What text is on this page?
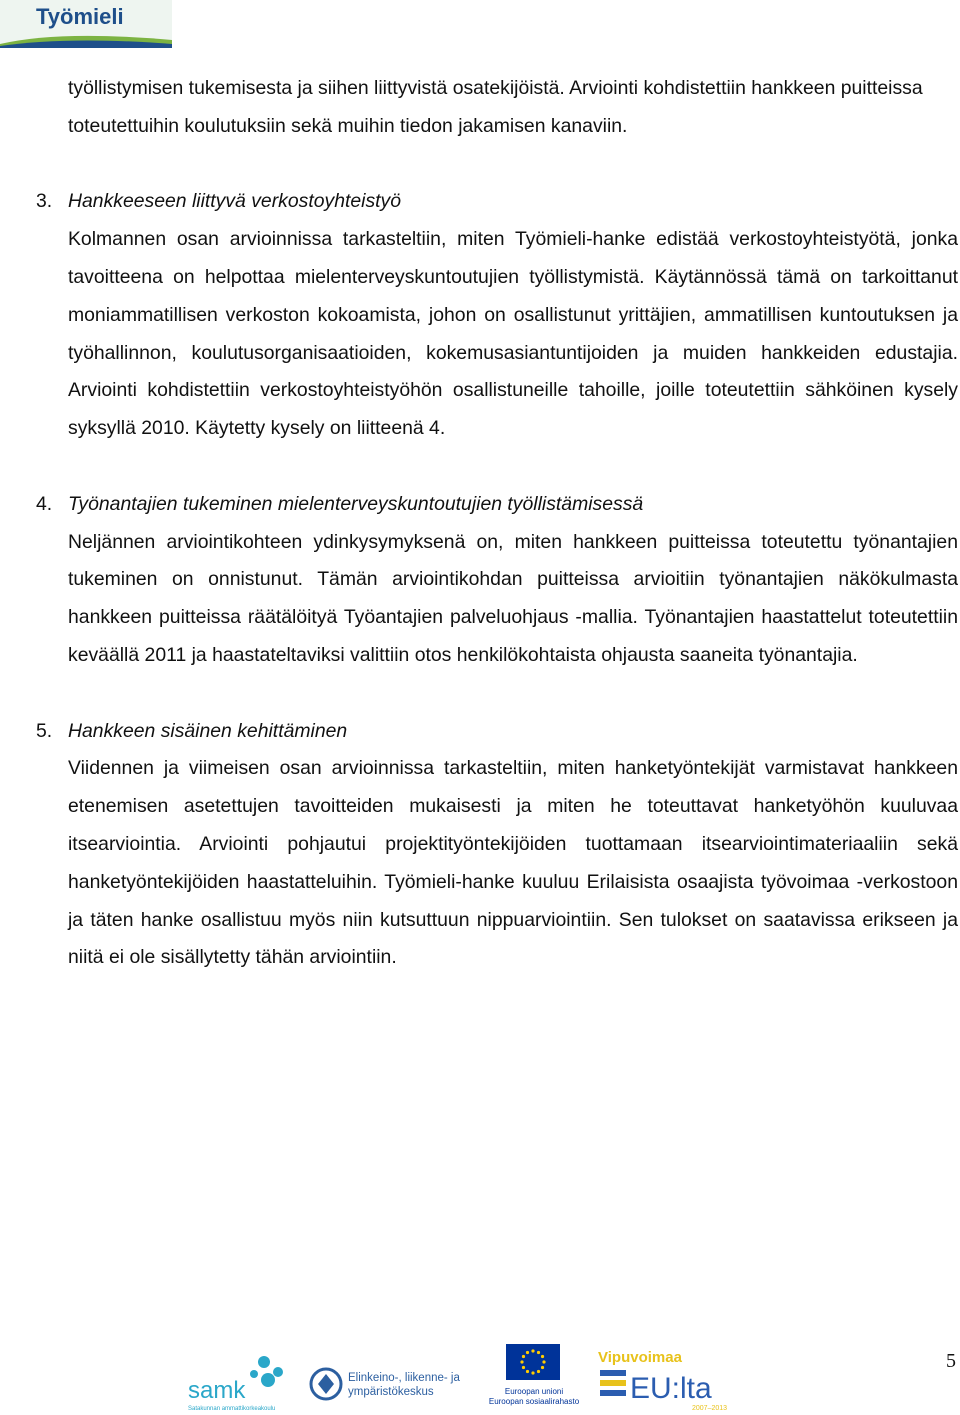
Työmieli

työllistymisen tukemisesta ja siihen liittyvistä osatekijöistä. Arviointi kohdistettiin hankkeen puitteissa toteutettuihin koulutuksiin sekä muihin tiedon jakamisen kanaviin.

3. Hankkeeseen liittyvä verkostoyhteistyö

Kolmannen osan arvioinnissa tarkasteltiin, miten Työmieli-hanke edistää verkostoyhteistyötä, jonka tavoitteena on helpottaa mielenterveyskuntoutujien työllistymistä. Käytännössä tämä on tarkoittanut moniammatillisen verkoston kokoamista, johon on osallistunut yrittäjien, ammatillisen kuntoutuksen ja työhallinnon, koulutusorganisaatioiden, kokemusasiantuntijoiden ja muiden hankkeiden edustajia. Arviointi kohdistettiin verkostoyhteistyöhön osallistuneille tahoille, joille toteutettiin sähköinen kysely syksyllä 2010. Käytetty kysely on liitteenä 4.

4. Työnantajien tukeminen mielenterveyskuntoutujien työllistämisessä

Neljännen arviointikohteen ydinkysymyksenä on, miten hankkeen puitteissa toteutettu työnantajien tukeminen on onnistunut. Tämän arviointikohdan puitteissa arvioitiin työnantajien näkökulmasta hankkeen puitteissa räätälöityä Työantajien palveluohjaus -mallia. Työnantajien haastattelut toteutettiin keväällä 2011 ja haastateltaviksi valittiin otos henkilökohtaista ohjausta saaneita työnantajia.

5. Hankkeen sisäinen kehittäminen

Viidennen ja viimeisen osan arvioinnissa tarkasteltiin, miten hanketyöntekijät varmistavat hankkeen etenemisen asetettujen tavoitteiden mukaisesti ja miten he toteuttavat hanketyöhön kuuluvaa itsearviointia. Arviointi pohjautui projektityöntekijöiden tuottamaan itsearviointimateriaaliin sekä hanketyöntekijöiden haastatteluihin. Työmieli-hanke kuuluu Erilaisista osaajista työvoimaa -verkostoon ja täten hanke osallistuu myös niin kutsuttuun nippuarviointiin. Sen tulokset on saatavissa erikseen ja niitä ei ole sisällytetty tähän arviointiin.

samk
Satakunnan ammattikorkeakoulu
Elinkeino-, liikenne- ja
ympäristökeskus	Euroopan unioni
Euroopan sosiaalirahasto
Vipuvoimaa
EU:lta
2007–2013
5
